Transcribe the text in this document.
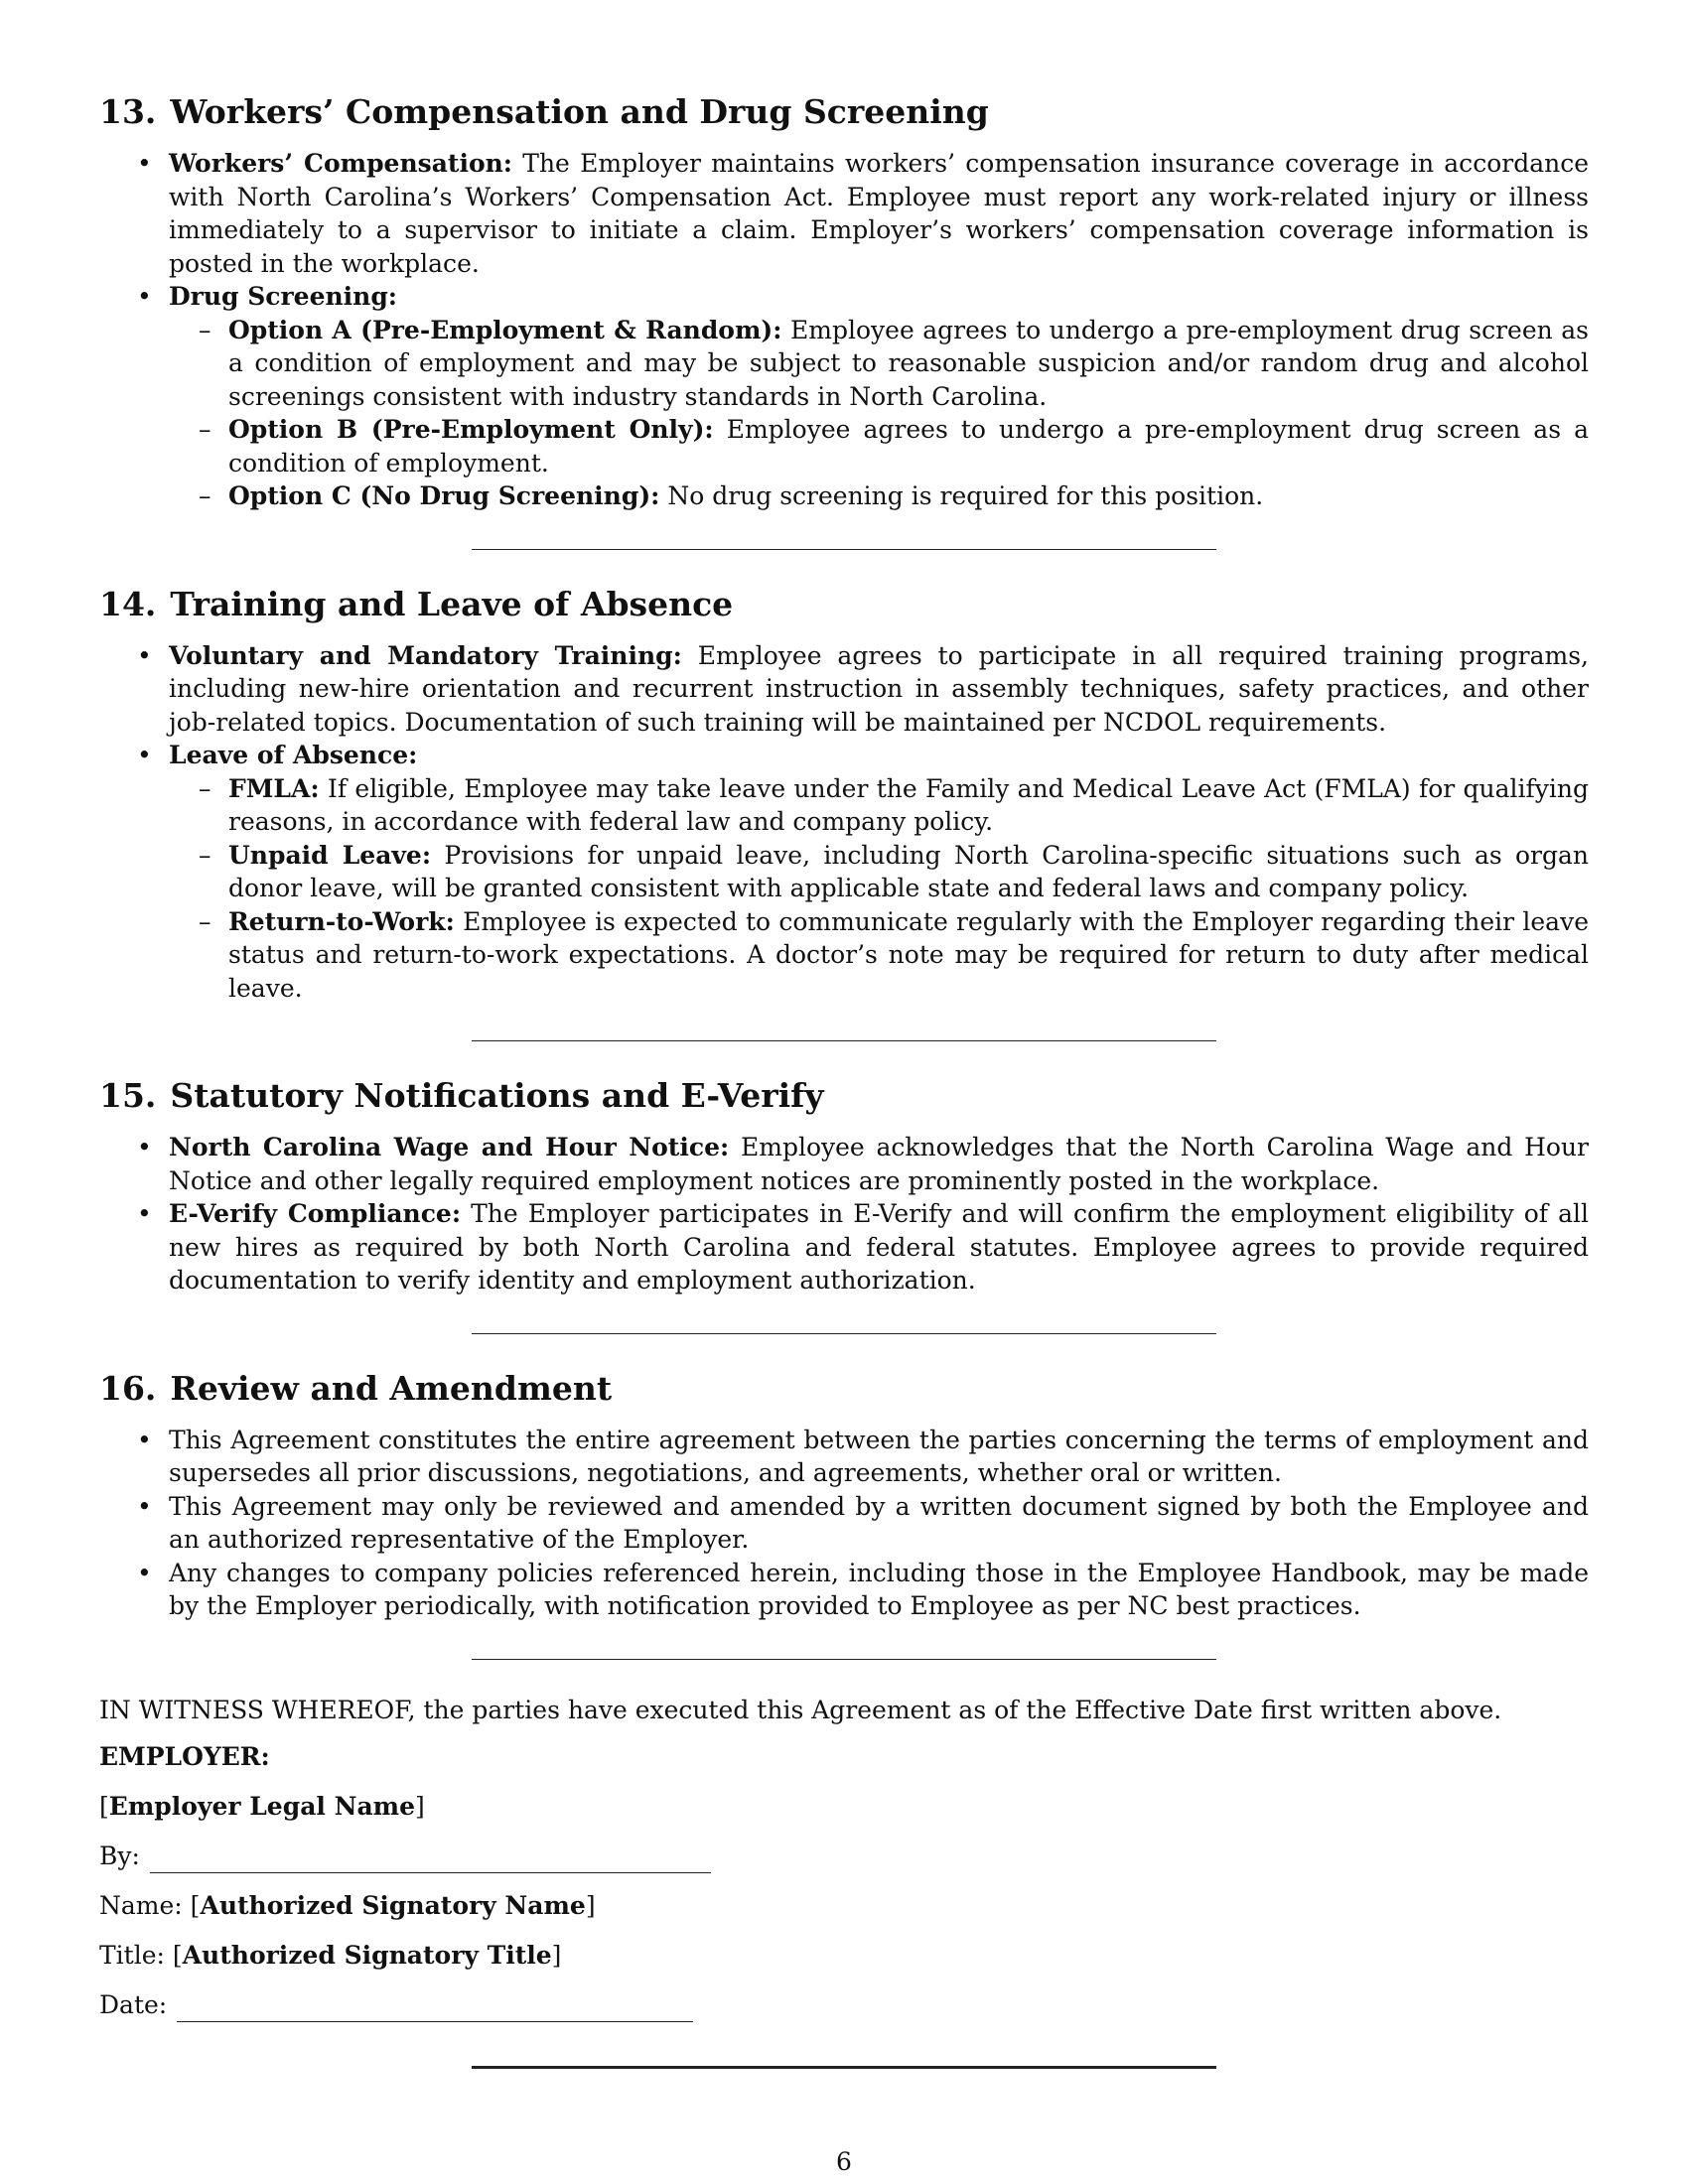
13. Workers’ Compensation and Drug Screening
• Workers’ Compensation: The Employer maintains workers’ compensation insurance coverage in accordance with North Carolina’s Workers’ Compensation Act. Employee must report any work-related injury or illness immediately to a supervisor to initiate a claim. Employer’s workers’ compensation coverage information is posted in the workplace.
• Drug Screening:
– Option A (Pre-Employment & Random): Employee agrees to undergo a pre-employment drug screen as a condition of employment and may be subject to reasonable suspicion and/or random drug and alcohol screenings consistent with industry standards in North Carolina.
– Option B (Pre-Employment Only): Employee agrees to undergo a pre-employment drug screen as a condition of employment.
– Option C (No Drug Screening): No drug screening is required for this position.
14. Training and Leave of Absence
• Voluntary and Mandatory Training: Employee agrees to participate in all required training programs, including new-hire orientation and recurrent instruction in assembly techniques, safety practices, and other job-related topics. Documentation of such training will be maintained per NCDOL requirements.
• Leave of Absence:
– FMLA: If eligible, Employee may take leave under the Family and Medical Leave Act (FMLA) for qualifying reasons, in accordance with federal law and company policy.
– Unpaid Leave: Provisions for unpaid leave, including North Carolina-specific situations such as organ donor leave, will be granted consistent with applicable state and federal laws and company policy.
– Return-to-Work: Employee is expected to communicate regularly with the Employer regarding their leave status and return-to-work expectations. A doctor’s note may be required for return to duty after medical leave.
15. Statutory Notifications and E-Verify
• North Carolina Wage and Hour Notice: Employee acknowledges that the North Carolina Wage and Hour Notice and other legally required employment notices are prominently posted in the workplace.
• E-Verify Compliance: The Employer participates in E-Verify and will confirm the employment eligibility of all new hires as required by both North Carolina and federal statutes. Employee agrees to provide required documentation to verify identity and employment authorization.
16. Review and Amendment
• This Agreement constitutes the entire agreement between the parties concerning the terms of employment and supersedes all prior discussions, negotiations, and agreements, whether oral or written.
• This Agreement may only be reviewed and amended by a written document signed by both the Employee and an authorized representative of the Employer.
• Any changes to company policies referenced herein, including those in the Employee Handbook, may be made by the Employer periodically, with notification provided to Employee as per NC best practices.

IN WITNESS WHEREOF, the parties have executed this Agreement as of the Effective Date first written above.

EMPLOYER:

[Employer Legal Name]

By:

Name: [Authorized Signatory Name]

Title: [Authorized Signatory Title]

Date:

6
